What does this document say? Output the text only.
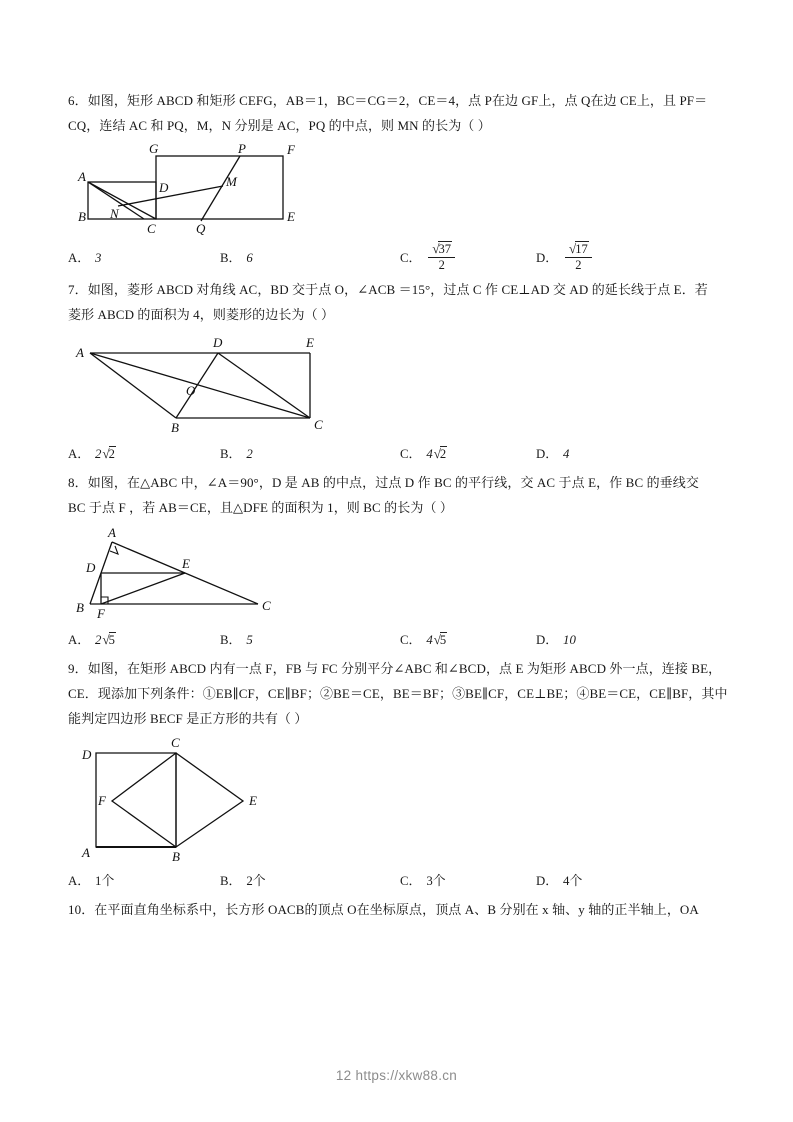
6．如图，矩形 ABCD 和矩形 CEFG，AB＝1，BC＝CG＝2，CE＝4，点 P在边 GF上，点 Q在边 CE上，且 PF＝
CQ，连结 AC 和 PQ，M，N 分别是 AC，PQ 的中点，则 MN 的长为（ ）
G	P	F
A
D	M
B N
C	Q
E
A． 3	B． 6	C． $\frac{√37}{2}$	D． $\frac{√17}{2}$
7．如图，菱形 ABCD 对角线 AC，BD 交于点 O，∠ACB ＝15°，过点 C 作 CE⊥AD 交 AD 的延长线于点 E．若
菱形 ABCD 的面积为 4，则菱形的边长为（ ）
A
D	E
O
B	C
A． 2√2	B． 2	C． 4√2	D． 4
8．如图，在△ABC 中，∠A＝90°，D 是 AB 的中点，过点 D 作 BC 的平行线，交 AC 于点 E，作 BC 的垂线交
BC 于点 F ，若 AB＝CE，且△DFE 的面积为 1，则 BC 的长为（ ）
A
D	E
B F
C
A． 2√5	B． 5	C． 4√5	D． 10
9．如图，在矩形 ABCD 内有一点 F，FB 与 FC 分别平分∠ABC 和∠BCD，点 E 为矩形 ABCD 外一点，连接 BE，
CE．现添加下列条件：①EB∥CF，CE∥BF；②BE＝CE，BE＝BF；③BE∥CF，CE⊥BE；④BE＝CE，CE∥BF，其中
能判定四边形 BECF 是正方形的共有（ ）
D
C
F	E
A	B
A． 1个	B． 2个	C． 3个	D． 4个
10．在平面直角坐标系中，长方形 OACB的顶点 O在坐标原点，顶点 A、B 分别在 x 轴、y 轴的正半轴上，OA
12 https://xkw88.cn
